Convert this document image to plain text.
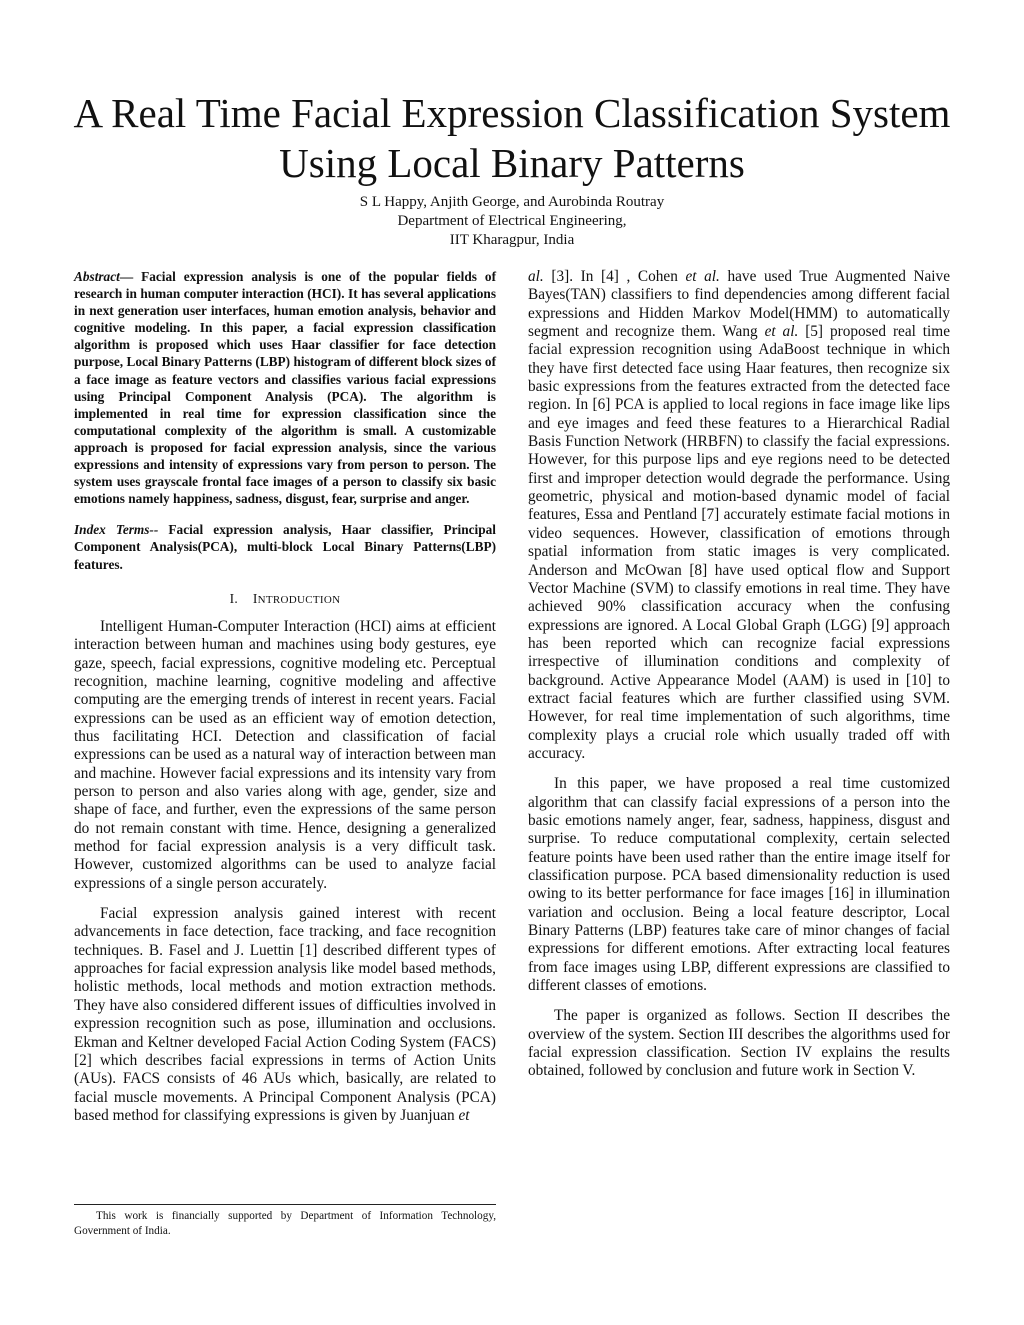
A Real Time Facial Expression Classification System
Using Local Binary Patterns
S L Happy, Anjith George, and Aurobinda Routray
Department of Electrical Engineering,
IIT Kharagpur, India

Abstract— Facial expression analysis is one of the popular fields of research in human computer interaction (HCI). It has several applications in next generation user interfaces, human emotion analysis, behavior and cognitive modeling. In this paper, a facial expression classification algorithm is proposed which uses Haar classifier for face detection purpose, Local Binary Patterns (LBP) histogram of different block sizes of a face image as feature vectors and classifies various facial expressions using Principal Component Analysis (PCA). The algorithm is implemented in real time for expression classification since the computational complexity of the algorithm is small. A customizable approach is proposed for facial expression analysis, since the various expressions and intensity of expressions vary from person to person. The system uses grayscale frontal face images of a person to classify six basic emotions namely happiness, sadness, disgust, fear, surprise and anger.

Index Terms-- Facial expression analysis, Haar classifier, Principal Component Analysis(PCA), multi-block Local Binary Patterns(LBP) features.

I. INTRODUCTION

Intelligent Human-Computer Interaction (HCI) aims at efficient interaction between human and machines using body gestures, eye gaze, speech, facial expressions, cognitive modeling etc. Perceptual recognition, machine learning, cognitive modeling and affective computing are the emerging trends of interest in recent years. Facial expressions can be used as an efficient way of emotion detection, thus facilitating HCI. Detection and classification of facial expressions can be used as a natural way of interaction between man and machine. However facial expressions and its intensity vary from person to person and also varies along with age, gender, size and shape of face, and further, even the expressions of the same person do not remain constant with time. Hence, designing a generalized method for facial expression analysis is a very difficult task. However, customized algorithms can be used to analyze facial expressions of a single person accurately.

Facial expression analysis gained interest with recent advancements in face detection, face tracking, and face recognition techniques. B. Fasel and J. Luettin [1] described different types of approaches for facial expression analysis like model based methods, holistic methods, local methods and motion extraction methods. They have also considered different issues of difficulties involved in expression recognition such as pose, illumination and occlusions. Ekman and Keltner developed Facial Action Coding System (FACS) [2] which describes facial expressions in terms of Action Units (AUs). FACS consists of 46 AUs which, basically, are related to facial muscle movements. A Principal Component Analysis (PCA) based method for classifying expressions is given by Juanjuan et

al. [3]. In [4] , Cohen et al. have used True Augmented Naive Bayes(TAN) classifiers to find dependencies among different facial expressions and Hidden Markov Model(HMM) to automatically segment and recognize them. Wang et al. [5] proposed real time facial expression recognition using AdaBoost technique in which they have first detected face using Haar features, then recognize six basic expressions from the features extracted from the detected face region. In [6] PCA is applied to local regions in face image like lips and eye images and feed these features to a Hierarchical Radial Basis Function Network (HRBFN) to classify the facial expressions. However, for this purpose lips and eye regions need to be detected first and improper detection would degrade the performance. Using geometric, physical and motion-based dynamic model of facial features, Essa and Pentland [7] accurately estimate facial motions in video sequences. However, classification of emotions through spatial information from static images is very complicated. Anderson and McOwan [8] have used optical flow and Support Vector Machine (SVM) to classify emotions in real time. They have achieved 90% classification accuracy when the confusing expressions are ignored. A Local Global Graph (LGG) [9] approach has been reported which can recognize facial expressions irrespective of illumination conditions and complexity of background. Active Appearance Model (AAM) is used in [10] to extract facial features which are further classified using SVM. However, for real time implementation of such algorithms, time complexity plays a crucial role which usually traded off with accuracy.

In this paper, we have proposed a real time customized algorithm that can classify facial expressions of a person into the basic emotions namely anger, fear, sadness, happiness, disgust and surprise. To reduce computational complexity, certain selected feature points have been used rather than the entire image itself for classification purpose. PCA based dimensionality reduction is used owing to its better performance for face images [16] in illumination variation and occlusion. Being a local feature descriptor, Local Binary Patterns (LBP) features take care of minor changes of facial expressions for different emotions. After extracting local features from face images using LBP, different expressions are classified to different classes of emotions.

The paper is organized as follows. Section II describes the overview of the system. Section III describes the algorithms used for facial expression classification. Section IV explains the results obtained, followed by conclusion and future work in Section V.

This work is financially supported by Department of Information Technology, Government of India.
